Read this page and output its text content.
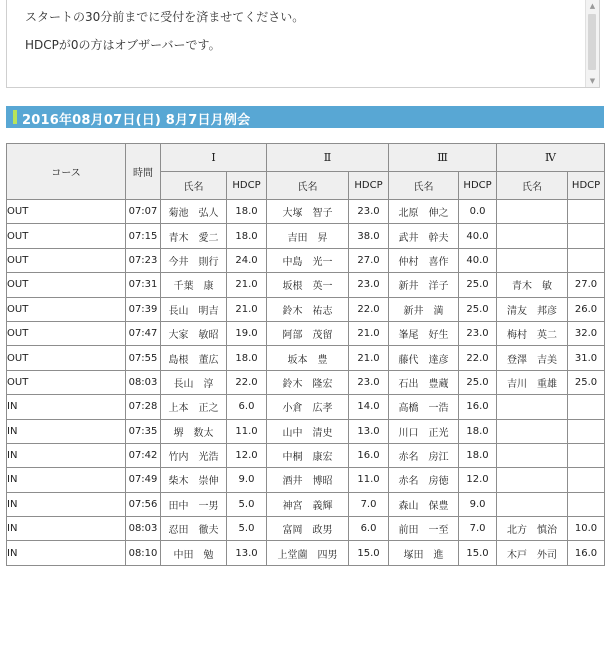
スタートの30分前までに受付を済ませてください。
HDCPが0の方はオブザーバーです。
▲
▼
2016年08月07日(日) 8月7日月例会
コース	時間	Ⅰ		Ⅱ		Ⅲ		Ⅳ	
		氏名	HDCP	氏名	HDCP	氏名	HDCP	氏名	HDCP
OUT	07:07	菊池　弘人	18.0	大塚　智子	23.0	北原　伸之	0.0		
OUT	07:15	青木　愛二	18.0	吉田　昇	38.0	武井　幹夫	40.0		
OUT	07:23	今井　則行	24.0	中島　光一	27.0	仲村　喜作	40.0		
OUT	07:31	千葉　康	21.0	坂根　英一	23.0	新井　洋子	25.0	青木　敏	27.0
OUT	07:39	長山　明吉	21.0	鈴木　祐志	22.0	新井　満	25.0	清友　邦彦	26.0
OUT	07:47	大家　敏昭	19.0	阿部　茂留	21.0	峯尾　好生	23.0	梅村　英二	32.0
OUT	07:55	島根　董広	18.0	坂本　豊	21.0	藤代　達彦	22.0	登澤　吉美	31.0
OUT	08:03	長山　淳	22.0	鈴木　隆宏	23.0	石出　豊蔵	25.0	吉川　重雄	25.0
IN	07:28	上本　正之	6.0	小倉　広孝	14.0	高橋　一浩	16.0		
IN	07:35	堺　数太	11.0	山中　清史	13.0	川口　正光	18.0		
IN	07:42	竹内　光浩	12.0	中桐　康宏	16.0	赤名　房江	18.0		
IN	07:49	柴木　崇伸	9.0	酒井　博昭	11.0	赤名　房徳	12.0		
IN	07:56	田中　一男	5.0	神宮　義輝	7.0	森山　保豊	9.0		
IN	08:03	忍田　徹夫	5.0	富岡　政男	6.0	前田　一至	7.0	北方　慎治	10.0
IN	08:10	中田　勉	13.0	上堂薗　四男	15.0	塚田　進	15.0	木戸　外司	16.0
